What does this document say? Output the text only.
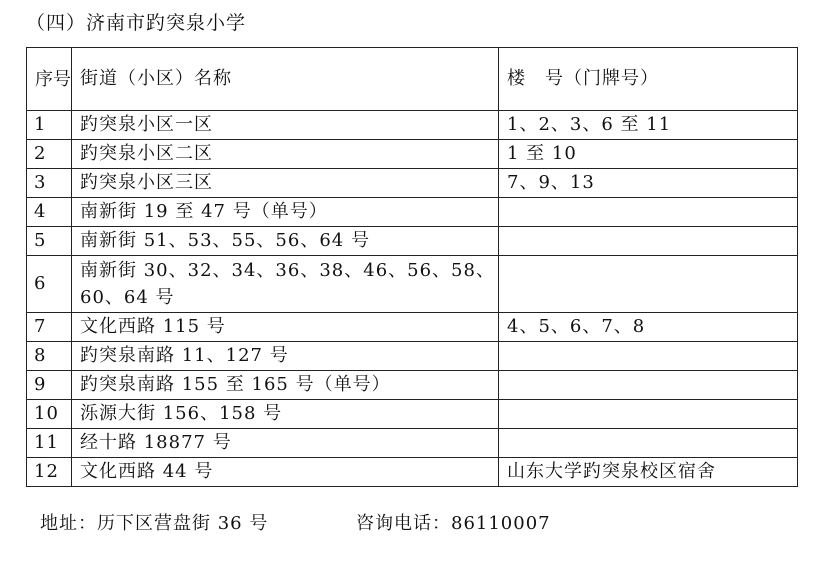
（四）济南市趵突泉小学
序号	街道（小区）名称	楼　号（门牌号）
1	趵突泉小区一区	1、2、3、6 至 11
2	趵突泉小区二区	1 至 10
3	趵突泉小区三区	7、9、13
4	南新街 19 至 47 号（单号）	
5	南新街 51、53、55、56、64 号	
6	南新街 30、32、34、36、38、46、56、58、60、64 号	
7	文化西路 115 号	4、5、6、7、8
8	趵突泉南路 11、127 号	
9	趵突泉南路 155 至 165 号（单号）	
10	泺源大街 156、158 号	
11	经十路 18877 号	
12	文化西路 44 号	山东大学趵突泉校区宿舍
地址：历下区营盘街 36 号	咨询电话：86110007
